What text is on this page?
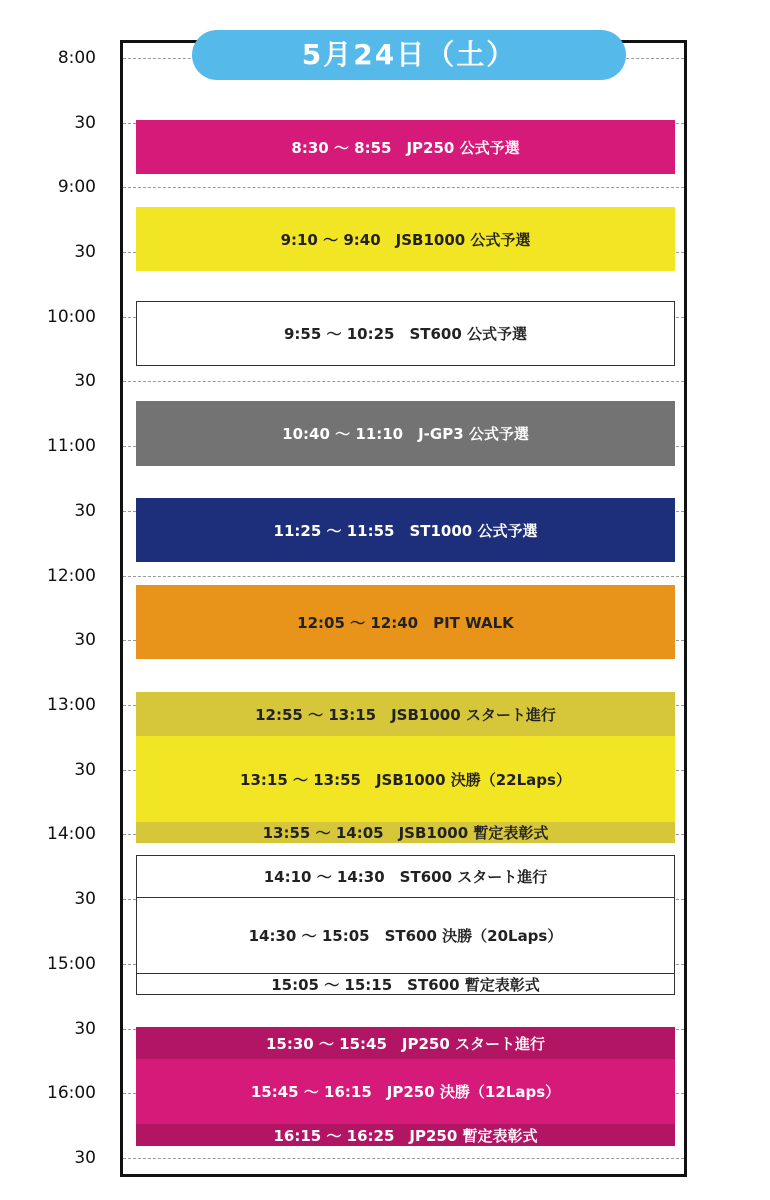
8:00
30
9:00
30
10:00
30
11:00
30
12:00
30
13:00
30
14:00
30
15:00
30
16:00
30
5月24日（土）
8:30 ～ 8:55　JP250 公式予選
9:10 ～ 9:40　JSB1000 公式予選
9:55 ～ 10:25　ST600 公式予選
10:40 ～ 11:10　J-GP3 公式予選
11:25 ～ 11:55　ST1000 公式予選
12:05 ～ 12:40　PIT WALK
12:55 ～ 13:15　JSB1000 スタート進行
13:15 ～ 13:55　JSB1000 決勝（22Laps）
13:55 ～ 14:05　JSB1000 暫定表彰式
14:10 ～ 14:30　ST600 スタート進行
14:30 ～ 15:05　ST600 決勝（20Laps）
15:05 ～ 15:15　ST600 暫定表彰式
15:30 ～ 15:45　JP250 スタート進行
15:45 ～ 16:15　JP250 決勝（12Laps）
16:15 ～ 16:25　JP250 暫定表彰式
